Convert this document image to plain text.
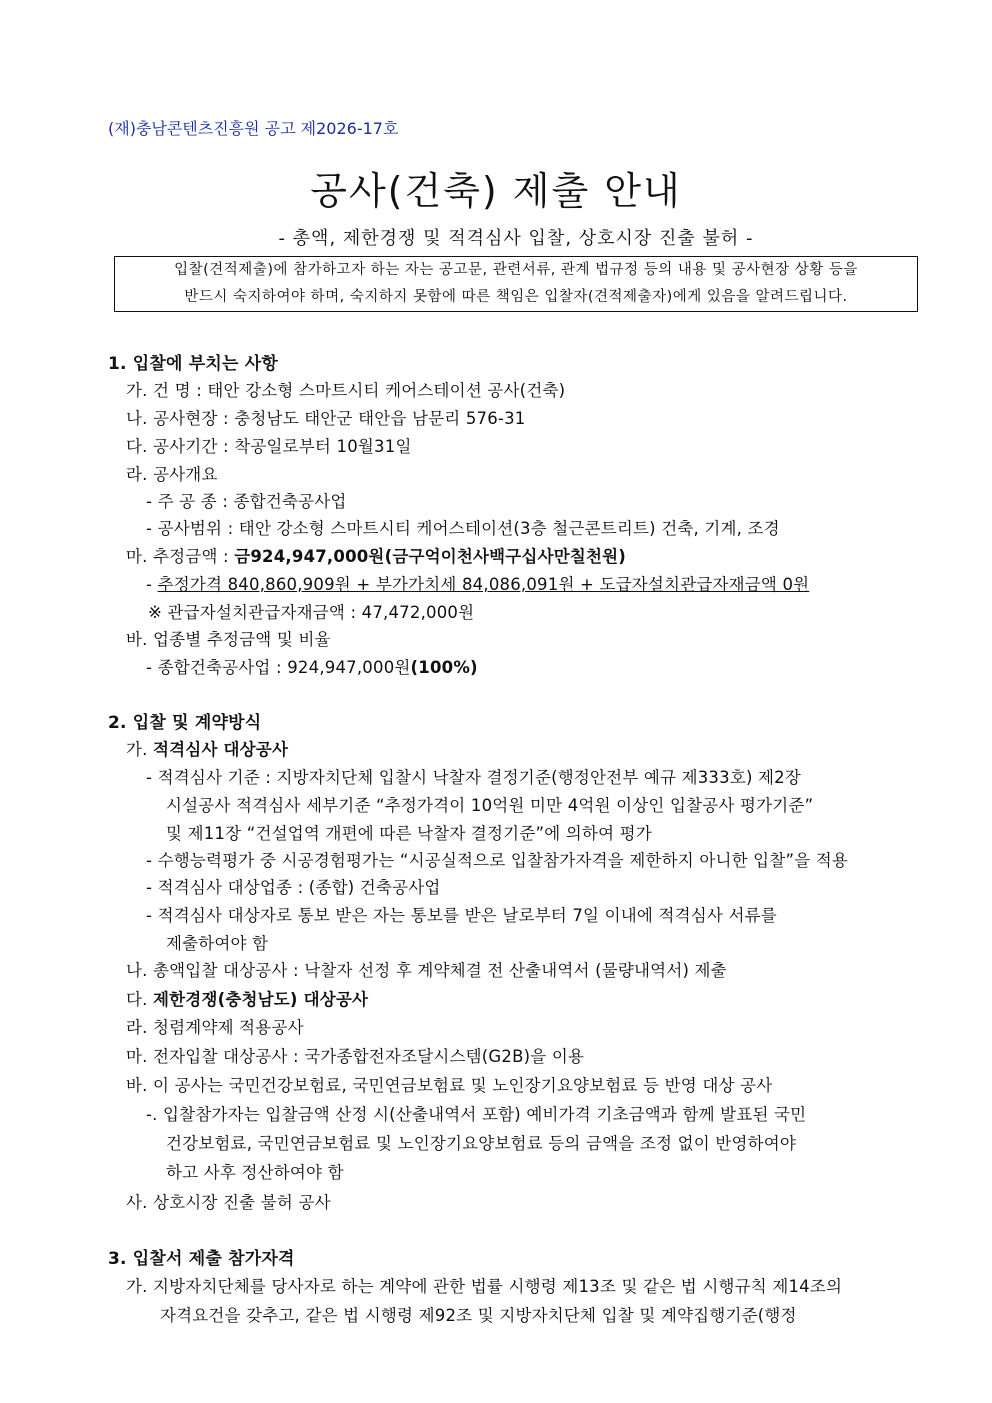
(재)충남콘텐츠진흥원 공고 제2026-17호
공사(건축) 제출 안내
- 총액, 제한경쟁 및 적격심사 입찰, 상호시장 진출 불허 -
입찰(견적제출)에 참가하고자 하는 자는 공고문, 관련서류, 관계 법규정 등의 내용 및 공사현장 상황 등을
반드시 숙지하여야 하며, 숙지하지 못함에 따른 책임은 입찰자(견적제출자)에게 있음을 알려드립니다.
1. 입찰에 부치는 사항
가. 건 명 : 태안 강소형 스마트시티 케어스테이션 공사(건축)
나. 공사현장 : 충청남도 태안군 태안읍 남문리 576-31
다. 공사기간 : 착공일로부터 10월31일
라. 공사개요
- 주 공 종 : 종합건축공사업
- 공사범위 : 태안 강소형 스마트시티 케어스테이션(3층 철근콘트리트) 건축, 기계, 조경
마. 추정금액 : 금924,947,000원(금구억이천사백구십사만칠천원)
- 추정가격 840,860,909원 + 부가가치세 84,086,091원 + 도급자설치관급자재금액 0원
※ 관급자설치관급자재금액 : 47,472,000원
바. 업종별 추정금액 및 비율
- 종합건축공사업 : 924,947,000원(100%)
2. 입찰 및 계약방식
가. 적격심사 대상공사
- 적격심사 기준 : 지방자치단체 입찰시 낙찰자 결정기준(행정안전부 예규 제333호) 제2장
시설공사 적격심사 세부기준 “추정가격이 10억원 미만 4억원 이상인 입찰공사 평가기준”
및 제11장 “건설업역 개편에 따른 낙찰자 결정기준”에 의하여 평가
- 수행능력평가 중 시공경험평가는 “시공실적으로 입찰참가자격을 제한하지 아니한 입찰”을 적용
- 적격심사 대상업종 : (종합) 건축공사업
- 적격심사 대상자로 통보 받은 자는 통보를 받은 날로부터 7일 이내에 적격심사 서류를
제출하여야 함
나. 총액입찰 대상공사 : 낙찰자 선정 후 계약체결 전 산출내역서 (물량내역서) 제출
다. 제한경쟁(충청남도) 대상공사
라. 청렴계약제 적용공사
마. 전자입찰 대상공사 : 국가종합전자조달시스템(G2B)을 이용
바. 이 공사는 국민건강보험료, 국민연금보험료 및 노인장기요양보험료 등 반영 대상 공사
-. 입찰참가자는 입찰금액 산정 시(산출내역서 포함) 예비가격 기초금액과 함께 발표된 국민
건강보험료, 국민연금보험료 및 노인장기요양보험료 등의 금액을 조정 없이 반영하여야
하고 사후 정산하여야 함
사. 상호시장 진출 불허 공사
3. 입찰서 제출 참가자격
가. 지방자치단체를 당사자로 하는 계약에 관한 법률 시행령 제13조 및 같은 법 시행규칙 제14조의
자격요건을 갖추고, 같은 법 시행령 제92조 및 지방자치단체 입찰 및 계약집행기준(행정
